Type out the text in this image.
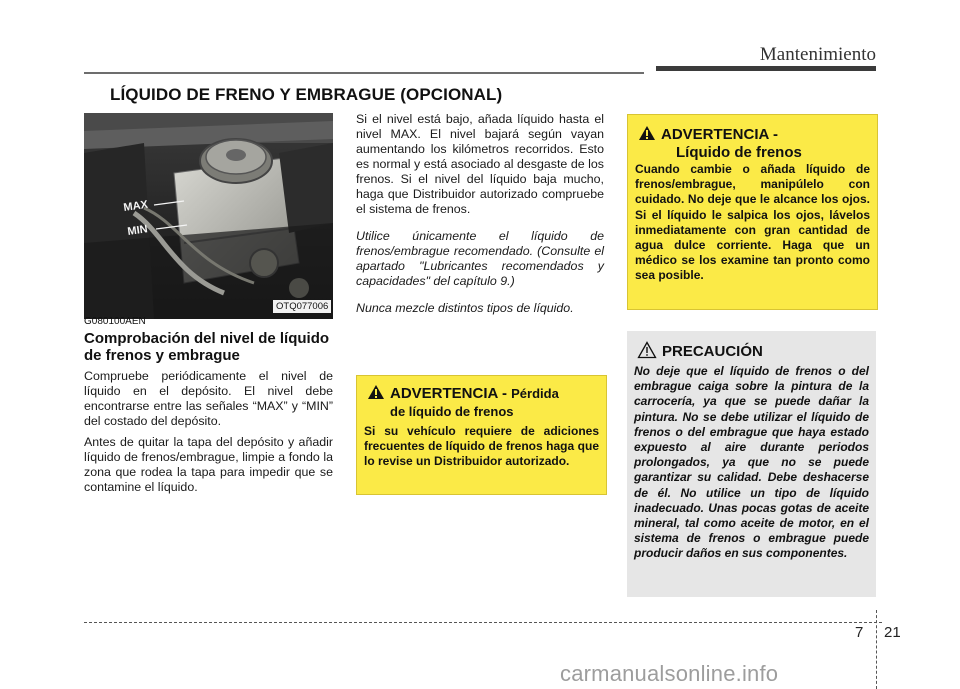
Mantenimiento
LÍQUIDO DE FRENO Y EMBRAGUE (OPCIONAL)
MAX
MIN
OTQ077006
G080100AEN
Comprobación del nivel de líquido de frenos y embrague

Compruebe periódicamente el nivel de líquido en el depósito. El nivel debe encontrarse entre las señales “MAX” y “MIN” del costado del depósito.

Antes de quitar la tapa del depósito y añadir líquido de frenos/embrague, limpie a fondo la zona que rodea la tapa para impedir que se contamine el líquido.

Si el nivel está bajo, añada líquido hasta el nivel MAX. El nivel bajará según vayan aumentando los kilómetros recorridos. Esto es normal y está asociado al desgaste de los frenos. Si el nivel del líquido baja mucho, haga que Distribuidor autorizado compruebe el sistema de frenos.

Utilice únicamente el líquido de frenos/embrague recomendado. (Consulte el apartado "Lubricantes recomendados y capacidades" del capítulo 9.)

Nunca mezcle distintos tipos de líquido.

ADVERTENCIA - Pérdida
de líquido de frenos
Si su vehículo requiere de adiciones frecuentes de líquido de frenos haga que lo revise un Distribuidor autorizado.
ADVERTENCIA -
Líquido de frenos
Cuando cambie o añada líquido de frenos/embrague, manipúlelo con cuidado. No deje que le alcance los ojos. Si el líquido le salpica los ojos, lávelos inmediatamente con gran cantidad de agua dulce corriente. Haga que un médico se los examine tan pronto como sea posible.
PRECAUCIÓN
No deje que el líquido de frenos o del embrague caiga sobre la pintura de la carrocería, ya que se puede dañar la pintura. No se debe utilizar el líquido de frenos o del embrague que haya estado expuesto al aire durante periodos prolongados, ya que no se puede garantizar su calidad. Debe deshacerse de él. No utilice un tipo de líquido inadecuado. Unas pocas gotas de aceite mineral, tal como aceite de motor, en el sistema de frenos o embrague puede producir daños en sus componentes.
7 21
carmanualsonline.info
